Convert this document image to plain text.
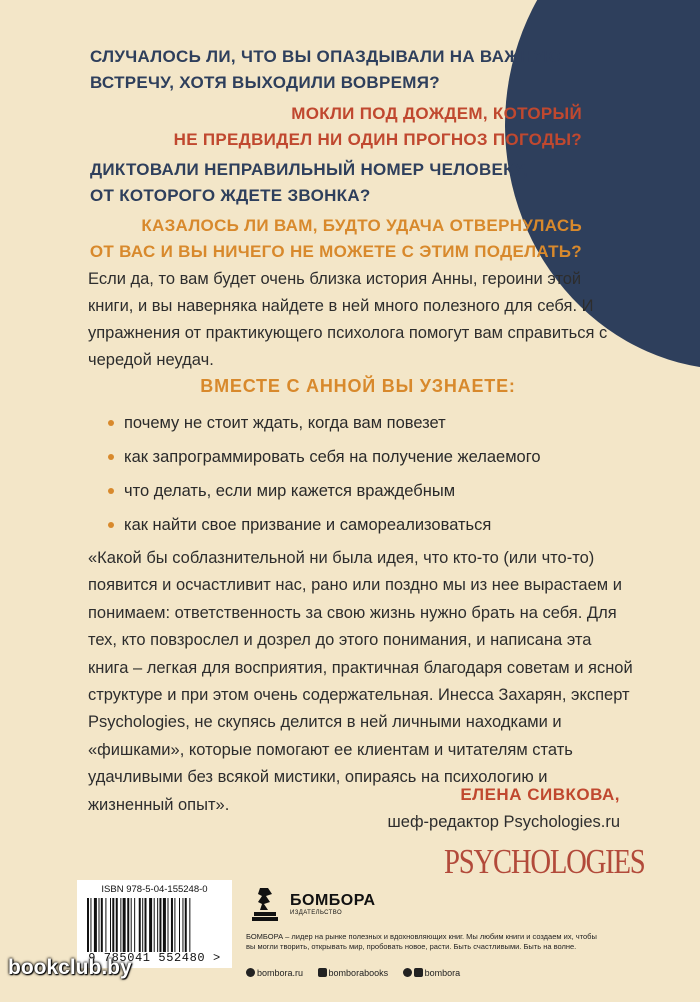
СЛУЧАЛОСЬ ЛИ, ЧТО ВЫ ОПАЗДЫВАЛИ НА ВАЖНУЮ
ВСТРЕЧУ, ХОТЯ ВЫХОДИЛИ ВОВРЕМЯ?
МОКЛИ ПОД ДОЖДЕМ, КОТОРЫЙ
НЕ ПРЕДВИДЕЛ НИ ОДИН ПРОГНОЗ ПОГОДЫ?
ДИКТОВАЛИ НЕПРАВИЛЬНЫЙ НОМЕР ЧЕЛОВЕКУ,
ОТ КОТОРОГО ЖДЕТЕ ЗВОНКА?
КАЗАЛОСЬ ЛИ ВАМ, БУДТО УДАЧА ОТВЕРНУЛАСЬ
ОТ ВАС И ВЫ НИЧЕГО НЕ МОЖЕТЕ С ЭТИМ ПОДЕЛАТЬ?
Если да, то вам будет очень близка история Анны, героини этой книги, и вы наверняка найдете в ней много полезного для себя. И упражнения от практикующего психолога помогут вам справиться с чередой неудач.
ВМЕСТЕ С АННОЙ ВЫ УЗНАЕТЕ:
почему не стоит ждать, когда вам повезет
как запрограммировать себя на получение желаемого
что делать, если мир кажется враждебным
как найти свое призвание и самореализоваться
«Какой бы соблазнительной ни была идея, что кто-то (или что-то) появится и осчастливит нас, рано или поздно мы из нее вырастаем и понимаем: ответственность за свою жизнь нужно брать на себя. Для тех, кто повзрослел и дозрел до этого понимания, и написана эта книга – легкая для восприятия, практичная благодаря советам и ясной структуре и при этом очень содержательная. Инесса Захарян, эксперт Psychologies, не скупясь делится в ней личными находками и «фишками», которые помогают ее клиентам и читателям стать удачливыми без всякой мистики, опираясь на психологию и жизненный опыт».
ЕЛЕНА СИВКОВА,
шеф-редактор Psychologies.ru
PSYCHOLOGIES
ISBN 978-5-04-155248-0
9 785041 552480 >
БОМБОРА
ИЗДАТЕЛЬСТВО
БОМБОРА – лидер на рынке полезных и вдохновляющих книг. Мы любим книги и создаем их, чтобы вы могли творить, открывать мир, пробовать новое, расти. Быть счастливыми. Быть на волне.
bombora.ru	bomborabooks	bombora
bookclub.by
